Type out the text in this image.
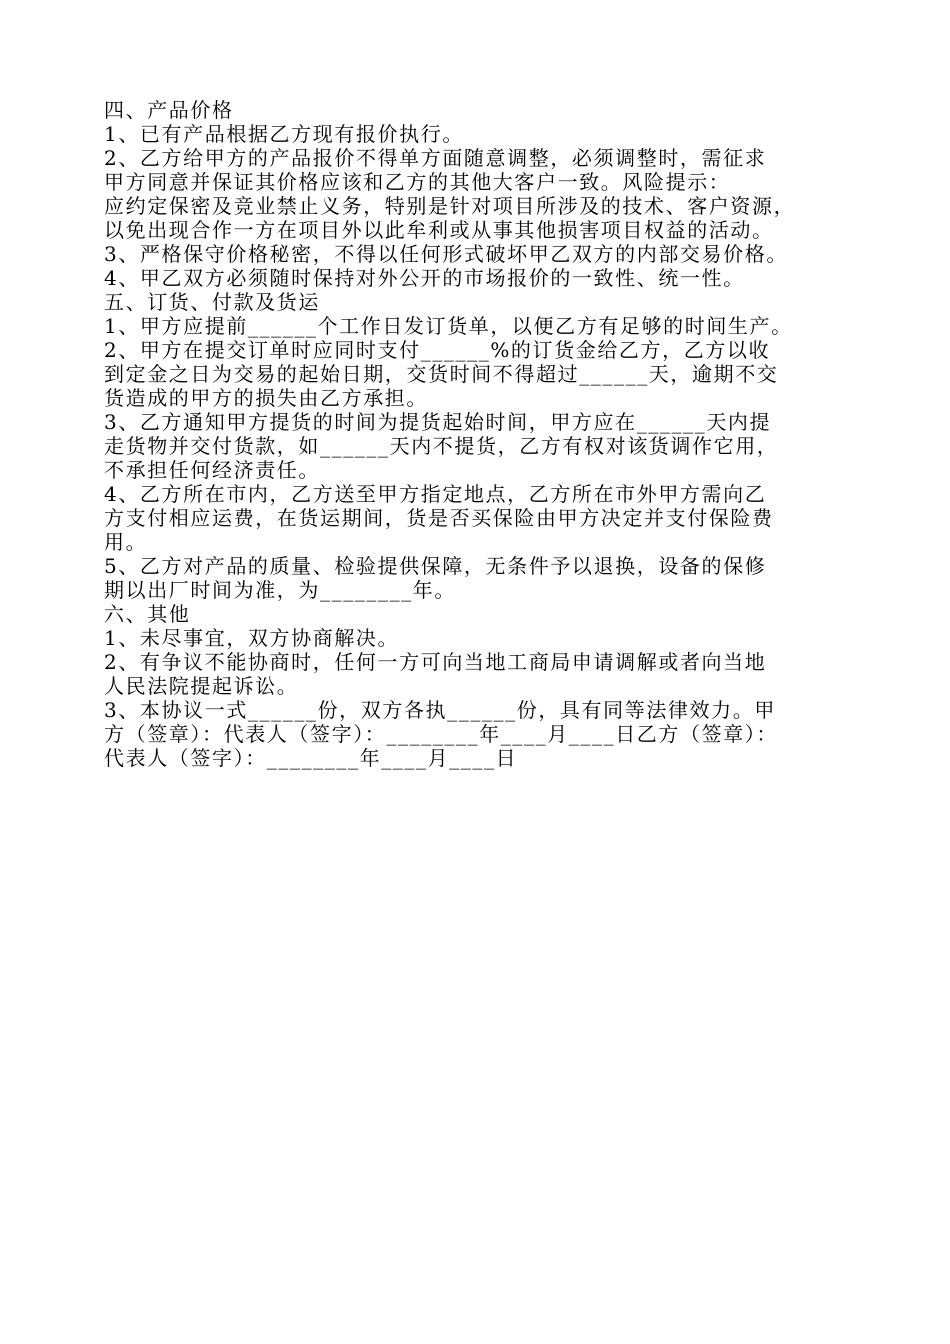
四、产品价格
1、已有产品根据乙方现有报价执行。
2、乙方给甲方的产品报价不得单方面随意调整，必须调整时，需征求
甲方同意并保证其价格应该和乙方的其他大客户一致。风险提示：
应约定保密及竞业禁止义务，特别是针对项目所涉及的技术、客户资源，
以免出现合作一方在项目外以此牟利或从事其他损害项目权益的活动。
3、严格保守价格秘密，不得以任何形式破坏甲乙双方的内部交易价格。
4、甲乙双方必须随时保持对外公开的市场报价的一致性、统一性。
五、订货、付款及货运
1、甲方应提前______个工作日发订货单，以便乙方有足够的时间生产。
2、甲方在提交订单时应同时支付______%的订货金给乙方，乙方以收
到定金之日为交易的起始日期，交货时间不得超过______天，逾期不交
货造成的甲方的损失由乙方承担。
3、乙方通知甲方提货的时间为提货起始时间，甲方应在______天内提
走货物并交付货款，如______天内不提货，乙方有权对该货调作它用，
不承担任何经济责任。
4、乙方所在市内，乙方送至甲方指定地点，乙方所在市外甲方需向乙
方支付相应运费，在货运期间，货是否买保险由甲方决定并支付保险费
用。
5、乙方对产品的质量、检验提供保障，无条件予以退换，设备的保修
期以出厂时间为准，为________年。
六、其他
1、未尽事宜，双方协商解决。
2、有争议不能协商时，任何一方可向当地工商局申请调解或者向当地
人民法院提起诉讼。
3、本协议一式______份，双方各执______份，具有同等法律效力。甲
方（签章）：代表人（签字）：________年____月____日乙方（签章）：
代表人（签字）：________年____月____日
